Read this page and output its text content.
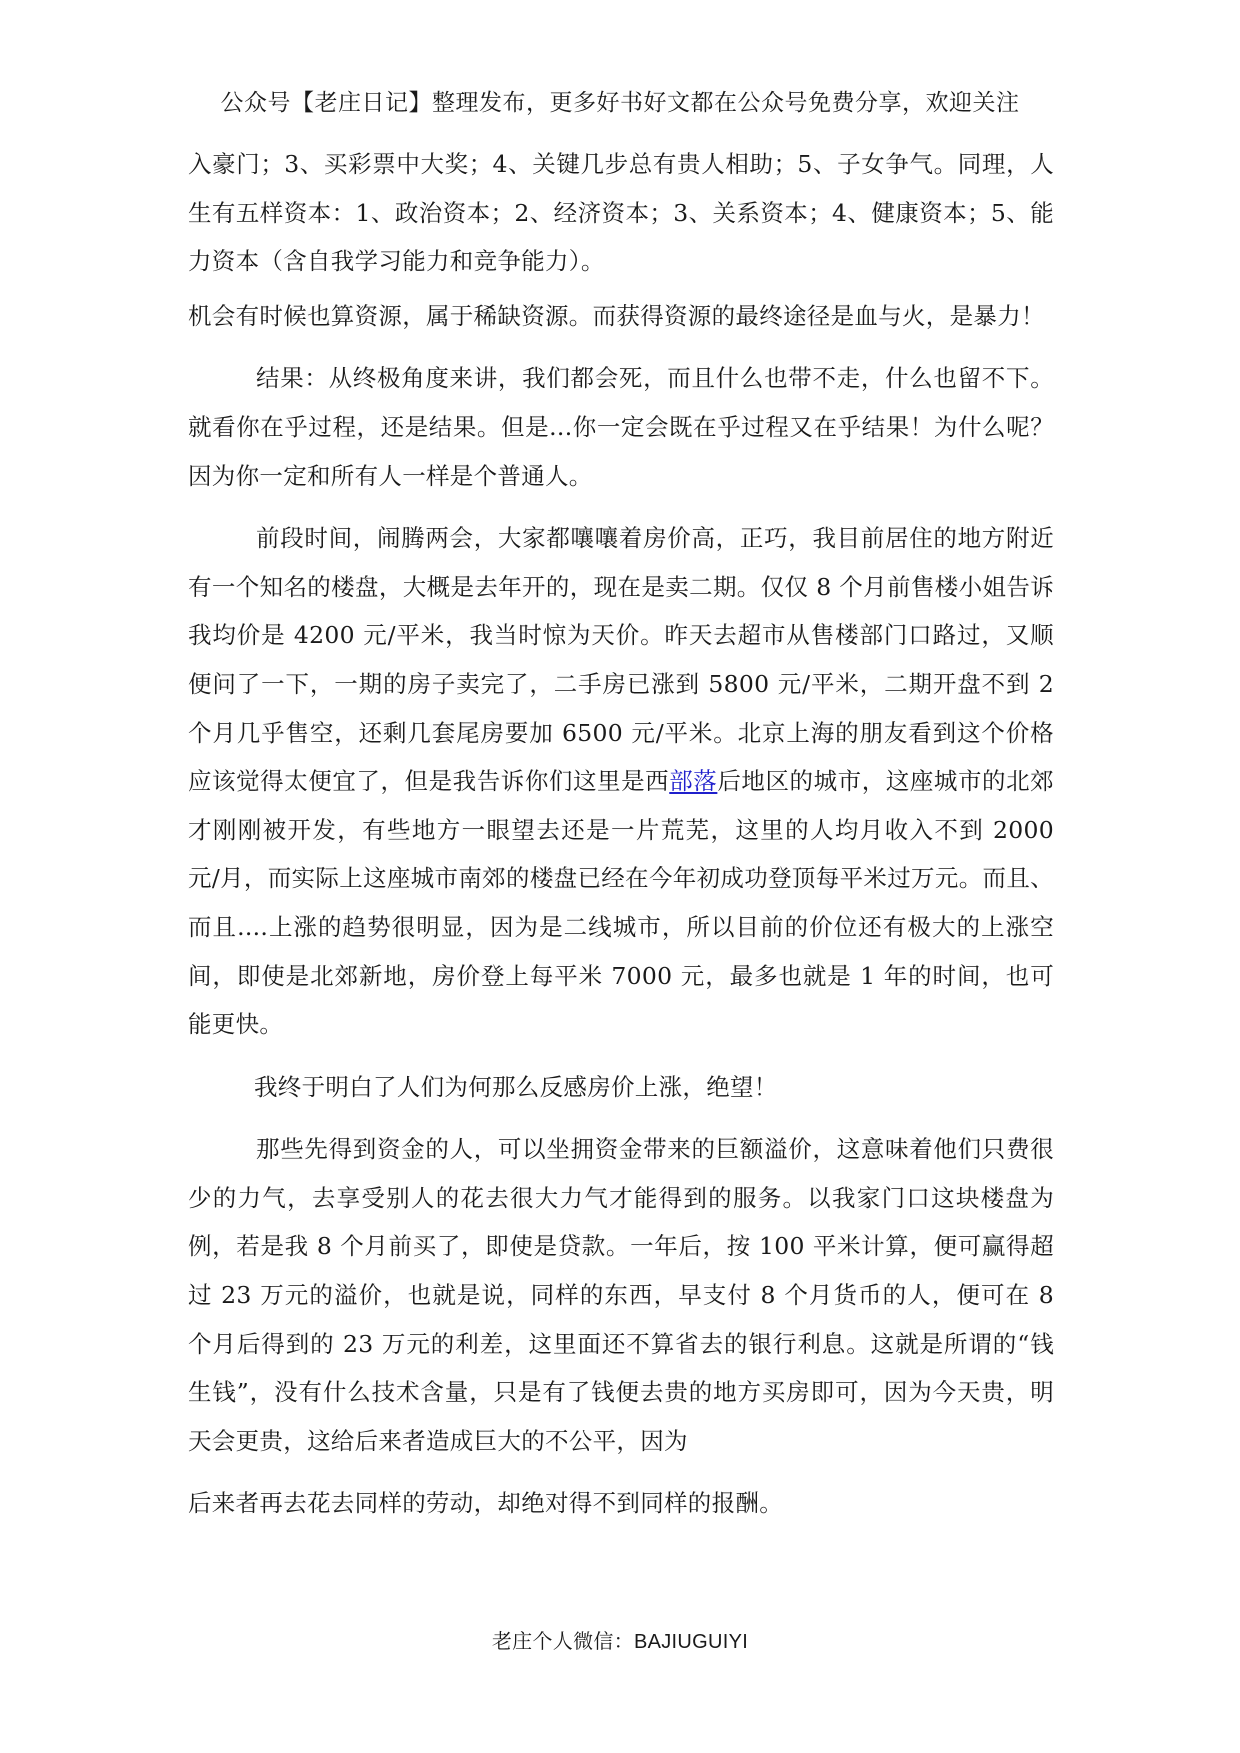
公众号【老庄日记】整理发布，更多好书好文都在公众号免费分享，欢迎关注

入豪门；3、买彩票中大奖；4、关键几步总有贵人相助；5、子女争气。同理，人生有五样资本：1、政治资本；2、经济资本；3、关系资本；4、健康资本；5、能力资本（含自我学习能力和竞争能力）。

机会有时候也算资源，属于稀缺资源。而获得资源的最终途径是血与火，是暴力！

结果：从终极角度来讲，我们都会死，而且什么也带不走，什么也留不下。就看你在乎过程，还是结果。但是...你一定会既在乎过程又在乎结果！为什么呢？因为你一定和所有人一样是个普通人。

前段时间，闹腾两会，大家都嚷嚷着房价高，正巧，我目前居住的地方附近有一个知名的楼盘，大概是去年开的，现在是卖二期。仅仅 8 个月前售楼小姐告诉我均价是 4200 元/平米，我当时惊为天价。昨天去超市从售楼部门口路过，又顺便问了一下，一期的房子卖完了，二手房已涨到 5800 元/平米，二期开盘不到 2 个月几乎售空，还剩几套尾房要加 6500 元/平米。北京上海的朋友看到这个价格应该觉得太便宜了，但是我告诉你们这里是西部落后地区的城市，这座城市的北郊才刚刚被开发，有些地方一眼望去还是一片荒芜，这里的人均月收入不到 2000 元/月，而实际上这座城市南郊的楼盘已经在今年初成功登顶每平米过万元。而且、而且....上涨的趋势很明显，因为是二线城市，所以目前的价位还有极大的上涨空间，即使是北郊新地，房价登上每平米 7000 元，最多也就是 1 年的时间，也可能更快。

我终于明白了人们为何那么反感房价上涨，绝望！

那些先得到资金的人，可以坐拥资金带来的巨额溢价，这意味着他们只费很少的力气，去享受别人的花去很大力气才能得到的服务。以我家门口这块楼盘为例，若是我 8 个月前买了，即使是贷款。一年后，按 100 平米计算，便可赢得超过 23 万元的溢价，也就是说，同样的东西，早支付 8 个月货币的人，便可在 8 个月后得到的 23 万元的利差，这里面还不算省去的银行利息。这就是所谓的“钱生钱”，没有什么技术含量，只是有了钱便去贵的地方买房即可，因为今天贵，明天会更贵，这给后来者造成巨大的不公平，因为

后来者再去花去同样的劳动，却绝对得不到同样的报酬。

老庄个人微信：BAJIUGUIYI
